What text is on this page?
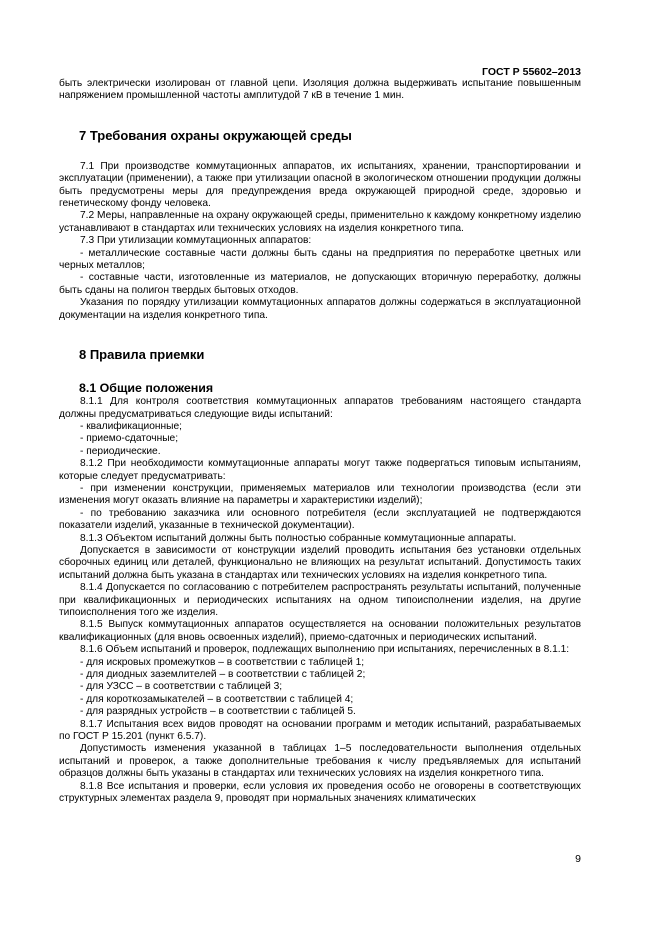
ГОСТ Р 55602–2013

быть электрически изолирован от главной цепи. Изоляция должна выдерживать испытание повышенным напряжением промышленной частоты амплитудой 7 кВ в течение 1 мин.

7 Требования охраны окружающей среды

7.1 При производстве коммутационных аппаратов, их испытаниях, хранении, транспортировании и эксплуатации (применении), а также при утилизации опасной в экологическом отношении продукции должны быть предусмотрены меры для предупреждения вреда окружающей природной среде, здоровью и генетическому фонду человека.

7.2 Меры, направленные на охрану окружающей среды, применительно к каждому конкретному изделию устанавливают в стандартах или технических условиях на изделия конкретного типа.

7.3 При утилизации коммутационных аппаратов:

- металлические составные части должны быть сданы на предприятия по переработке цветных или черных металлов;

- составные части, изготовленные из материалов, не допускающих вторичную переработку, должны быть сданы на полигон твердых бытовых отходов.

Указания по порядку утилизации коммутационных аппаратов должны содержаться в эксплуатационной документации на изделия конкретного типа.

8 Правила приемки
8.1 Общие положения

8.1.1 Для контроля соответствия коммутационных аппаратов требованиям настоящего стандарта должны предусматриваться следующие виды испытаний:

- квалификационные;

- приемо-сдаточные;

- периодические.

8.1.2 При необходимости коммутационные аппараты могут также подвергаться типовым испытаниям, которые следует предусматривать:

- при изменении конструкции, применяемых материалов или технологии производства (если эти изменения могут оказать влияние на параметры и характеристики изделий);

- по требованию заказчика или основного потребителя (если эксплуатацией не подтверждаются показатели изделий, указанные в технической документации).

8.1.3 Объектом испытаний должны быть полностью собранные коммутационные аппараты.

Допускается в зависимости от конструкции изделий проводить испытания без установки отдельных сборочных единиц или деталей, функционально не влияющих на результат испытаний. Допустимость таких испытаний должна быть указана в стандартах или технических условиях на изделия конкретного типа.

8.1.4 Допускается по согласованию с потребителем распространять результаты испытаний, полученные при квалификационных и периодических испытаниях на одном типоисполнении изделия, на другие типоисполнения того же изделия.

8.1.5 Выпуск коммутационных аппаратов осуществляется на основании положительных результатов квалификационных (для вновь освоенных изделий), приемо-сдаточных и периодических испытаний.

8.1.6 Объем испытаний и проверок, подлежащих выполнению при испытаниях, перечисленных в 8.1.1:

- для искровых промежутков – в соответствии с таблицей 1;

- для диодных заземлителей – в соответствии с таблицей 2;

- для УЗСС – в соответствии с таблицей 3;

- для короткозамыкателей – в соответствии с таблицей 4;

- для разрядных устройств – в соответствии с таблицей 5.

8.1.7 Испытания всех видов проводят на основании программ и методик испытаний, разрабатываемых по ГОСТ Р 15.201 (пункт 6.5.7).

Допустимость изменения указанной в таблицах 1–5 последовательности выполнения отдельных испытаний и проверок, а также дополнительные требования к числу предъявляемых для испытаний образцов должны быть указаны в стандартах или технических условиях на изделия конкретного типа.

8.1.8 Все испытания и проверки, если условия их проведения особо не оговорены в соответствующих структурных элементах раздела 9, проводят при нормальных значениях климатических

9
